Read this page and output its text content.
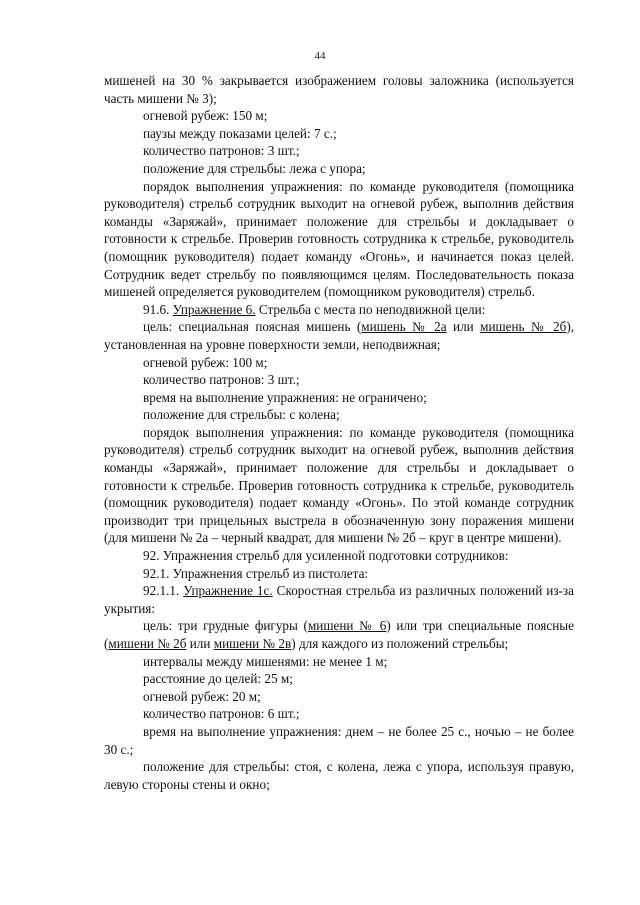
44

мишеней на 30 % закрывается изображением головы заложника (используется часть мишени № 3);

огневой рубеж: 150 м;

паузы между показами целей: 7 с.;

количество патронов: 3 шт.;

положение для стрельбы: лежа с упора;

порядок выполнения упражнения: по команде руководителя (помощника руководителя) стрельб сотрудник выходит на огневой рубеж, выполнив действия команды «Заряжай», принимает положение для стрельбы и докладывает о готовности к стрельбе. Проверив готовность сотрудника к стрельбе, руководитель (помощник руководителя) подает команду «Огонь», и начинается показ целей. Сотрудник ведет стрельбу по появляющимся целям. Последовательность показа мишеней определяется руководителем (помощником руководителя) стрельб.

91.6. Упражнение 6. Стрельба с места по неподвижной цели:

цель: специальная поясная мишень (мишень № 2а или мишень № 2б), установленная на уровне поверхности земли, неподвижная;

огневой рубеж: 100 м;

количество патронов: 3 шт.;

время на выполнение упражнения: не ограничено;

положение для стрельбы: с колена;

порядок выполнения упражнения: по команде руководителя (помощника руководителя) стрельб сотрудник выходит на огневой рубеж, выполнив действия команды «Заряжай», принимает положение для стрельбы и докладывает о готовности к стрельбе. Проверив готовность сотрудника к стрельбе, руководитель (помощник руководителя) подает команду «Огонь». По этой команде сотрудник производит три прицельных выстрела в обозначенную зону поражения мишени (для мишени № 2а – черный квадрат, для мишени № 2б – круг в центре мишени).

92. Упражнения стрельб для усиленной подготовки сотрудников:

92.1. Упражнения стрельб из пистолета:

92.1.1. Упражнение 1с. Скоростная стрельба из различных положений из-за укрытия:

цель: три грудные фигуры (мишени № 6) или три специальные поясные (мишени № 2б или мишени № 2в) для каждого из положений стрельбы;

интервалы между мишенями: не менее 1 м;

расстояние до целей: 25 м;

огневой рубеж: 20 м;

количество патронов: 6 шт.;

время на выполнение упражнения: днем – не более 25 с., ночью – не более 30 с.;

положение для стрельбы: стоя, с колена, лежа с упора, используя правую, левую стороны стены и окно;
